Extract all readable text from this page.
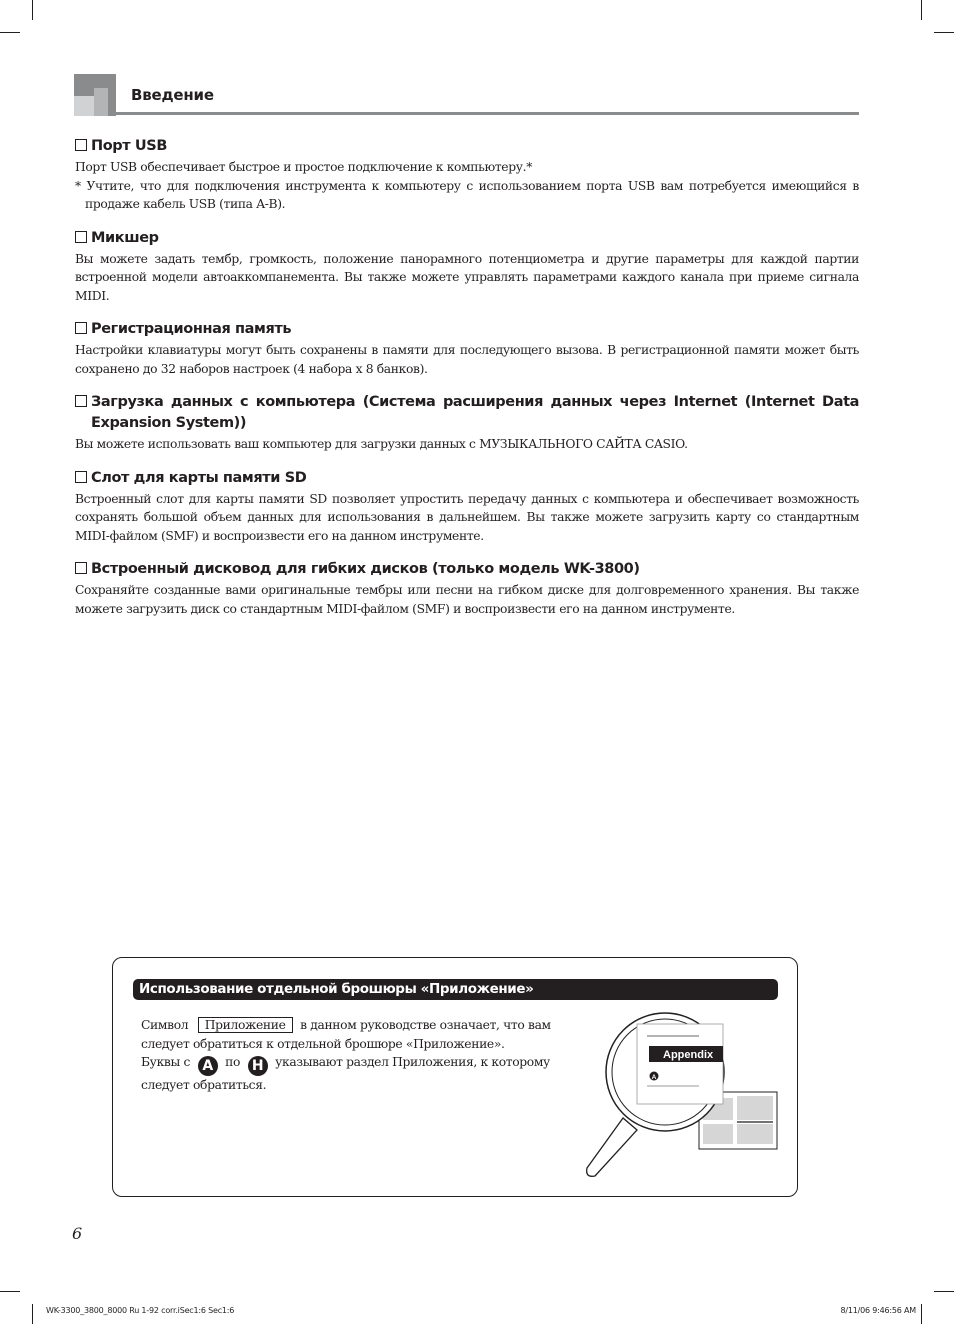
Введение
Порт USB

Порт USB обеспечивает быстрое и простое подключение к компьютеру.*

* Учтите, что для подключения инструмента к компьютеру с использованием порта USB вам потребуется имеющийся в продаже кабель USB (типа A-B).

Микшер

Вы можете задать тембр, громкость, положение панорамного потенциометра и другие параметры для каждой партии встроенной модели автоаккомпанемента. Вы также можете управлять параметрами каждого канала при приеме сигнала MIDI.

Регистрационная память

Настройки клавиатуры могут быть сохранены в памяти для последующего вызова. В регистрационной памяти может быть сохранено до 32 наборов настроек (4 набора x 8 банков).

Загрузка данных с компьютера (Система расширения данных через Internet (Internet Data Expansion System))

Вы можете использовать ваш компьютер для загрузки данных с МУЗЫКАЛЬНОГО САЙТА CASIO.

Слот для карты памяти SD

Встроенный слот для карты памяти SD позволяет упростить передачу данных с компьютера и обеспечивает возможность сохранять большой объем данных для использования в дальнейшем. Вы также можете загрузить карту со стандартным MIDI-файлом (SMF) и воспроизвести его на данном инструменте.

Встроенный дисковод для гибких дисков (только модель WK-3800)

Сохраняйте созданные вами оригинальные тембры или песни на гибком диске для долговременного хранения. Вы также можете загрузить диск со стандартным MIDI-файлом (SMF) и воспроизвести его на данном инструменте.

Использование отдельной брошюры «Приложение»
Символ Приложение в данном руководстве означает, что вам следует обратиться к отдельной брошюре «Приложение».
Буквы с A по H указывают раздел Приложения, к которому следует обратиться.
Appendix
A
6
WK-3300_3800_8000 Ru 1-92 corr.iSec1:6 Sec1:6	8/11/06 9:46:56 AM
